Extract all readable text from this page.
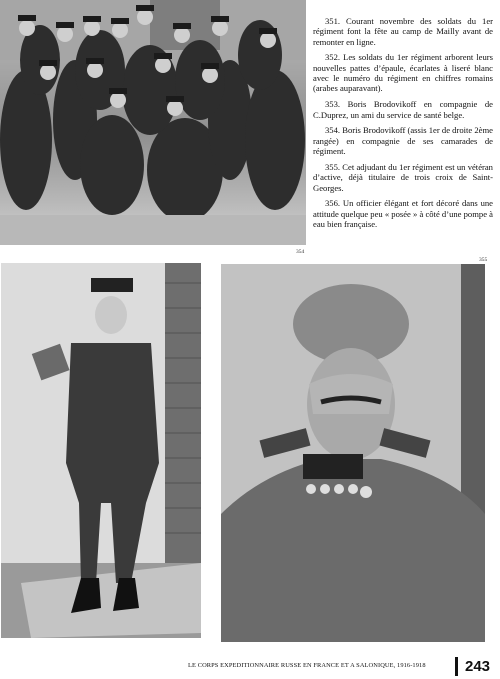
354

351. Courant novembre des soldats du 1er régiment font la fête au camp de Mailly avant de remonter en ligne.

352. Les soldats du 1er régiment arborent leurs nouvelles pattes d’épaule, écarlates à liseré blanc avec le numéro du régiment en chiffres romains (arabes auparavant).

353. Boris Brodovikoff en compagnie de C.Duprez, un ami du service de santé belge.

354. Boris Brodovikoff (assis 1er de droite 2ème rangée) en compagnie de ses camarades de régiment.

355. Cet adjudant du 1er régiment est un vétéran d’active, déjà titulaire de trois croix de Saint-Georges.

356. Un officier élégant et fort décoré dans une attitude quelque peu « posée » à côté d’une pompe à eau bien française.

355
LE CORPS EXPEDITIONNAIRE RUSSE EN FRANCE ET A SALONIQUE, 1916-1918	243
